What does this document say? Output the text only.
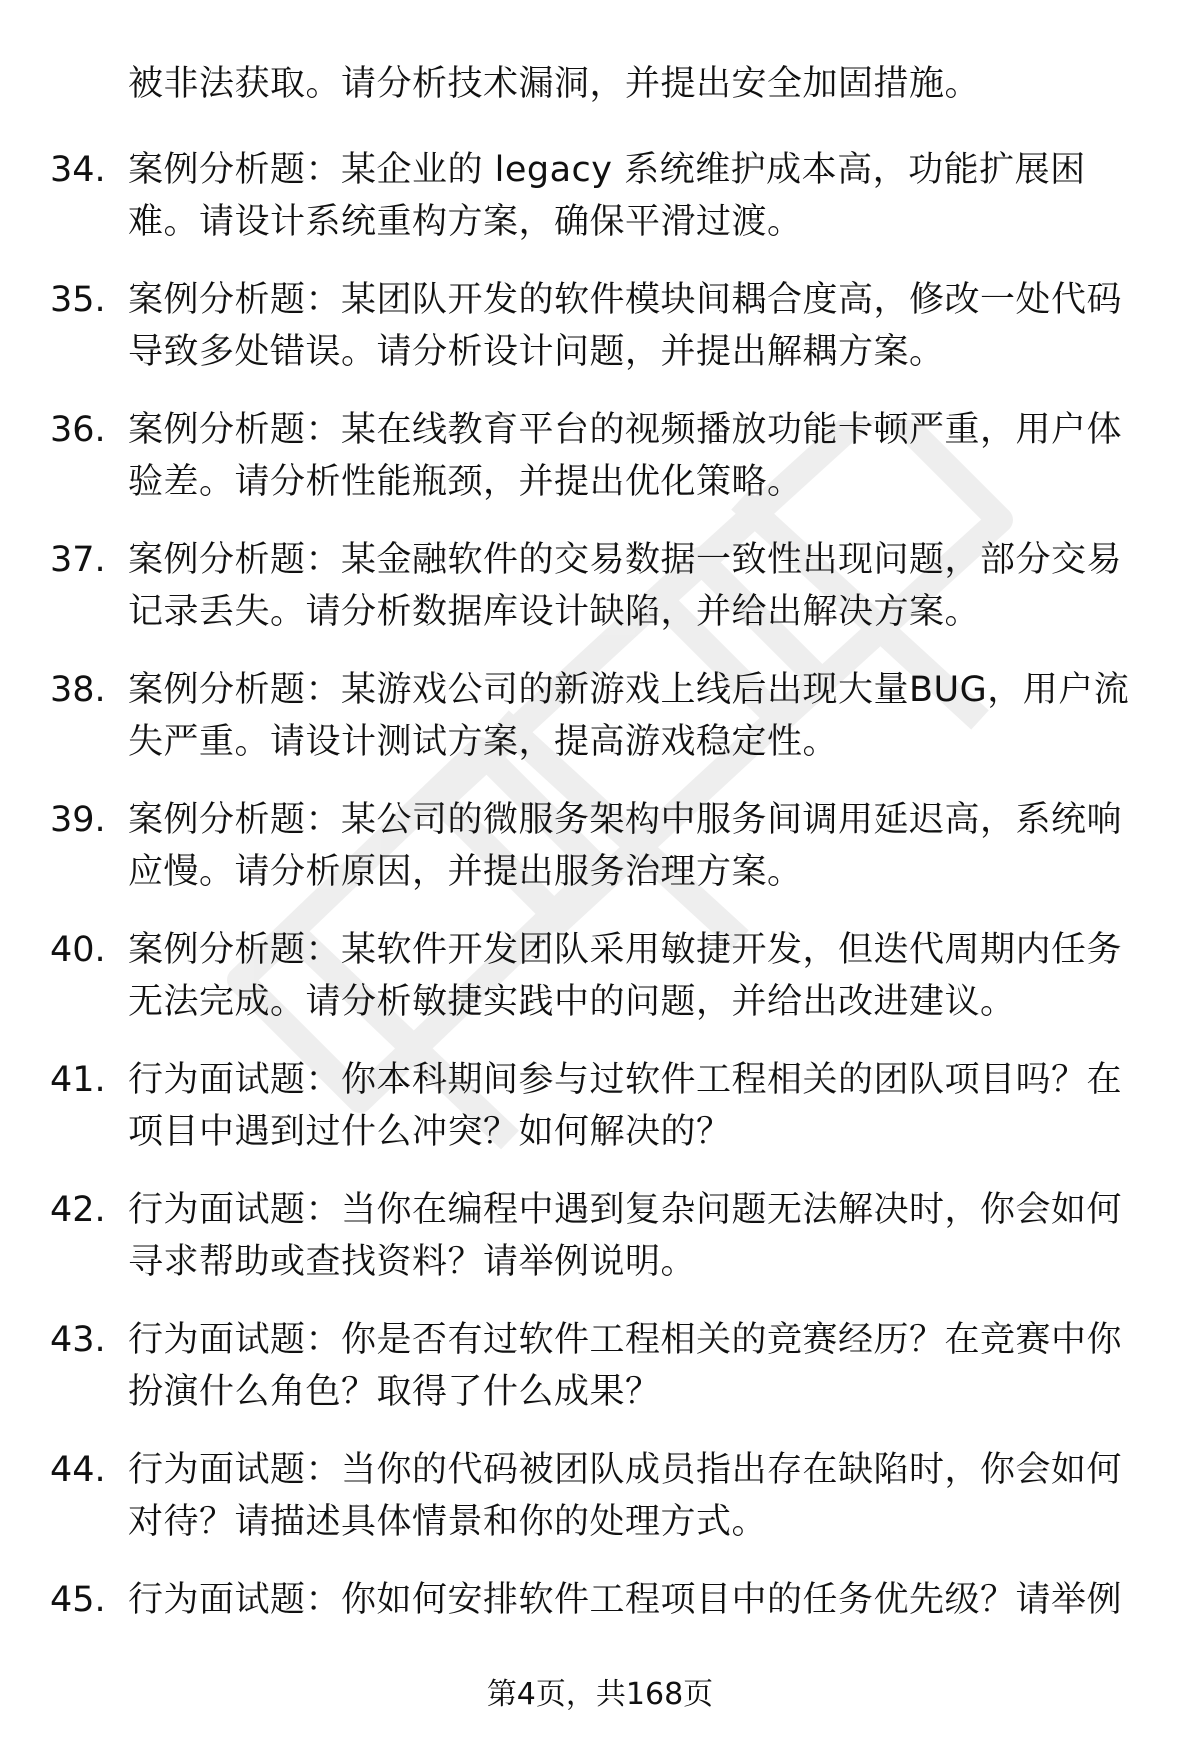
被非法获取。请分析技术漏洞，并提出安全加固措施。
34. 案例分析题：某企业的 legacy 系统维护成本高，功能扩展困难。请设计系统重构方案，确保平滑过渡。
35. 案例分析题：某团队开发的软件模块间耦合度高，修改一处代码导致多处错误。请分析设计问题，并提出解耦方案。
36. 案例分析题：某在线教育平台的视频播放功能卡顿严重，用户体验差。请分析性能瓶颈，并提出优化策略。
37. 案例分析题：某金融软件的交易数据一致性出现问题，部分交易记录丢失。请分析数据库设计缺陷，并给出解决方案。
38. 案例分析题：某游戏公司的新游戏上线后出现大量BUG，用户流失严重。请设计测试方案，提高游戏稳定性。
39. 案例分析题：某公司的微服务架构中服务间调用延迟高，系统响应慢。请分析原因，并提出服务治理方案。
40. 案例分析题：某软件开发团队采用敏捷开发，但迭代周期内任务无法完成。请分析敏捷实践中的问题，并给出改进建议。
41. 行为面试题：你本科期间参与过软件工程相关的团队项目吗？在项目中遇到过什么冲突？如何解决的？
42. 行为面试题：当你在编程中遇到复杂问题无法解决时，你会如何寻求帮助或查找资料？请举例说明。
43. 行为面试题：你是否有过软件工程相关的竞赛经历？在竞赛中你扮演什么角色？取得了什么成果？
44. 行为面试题：当你的代码被团队成员指出存在缺陷时，你会如何对待？请描述具体情景和你的处理方式。
45. 行为面试题：你如何安排软件工程项目中的任务优先级？请举例
第4页，共168页
